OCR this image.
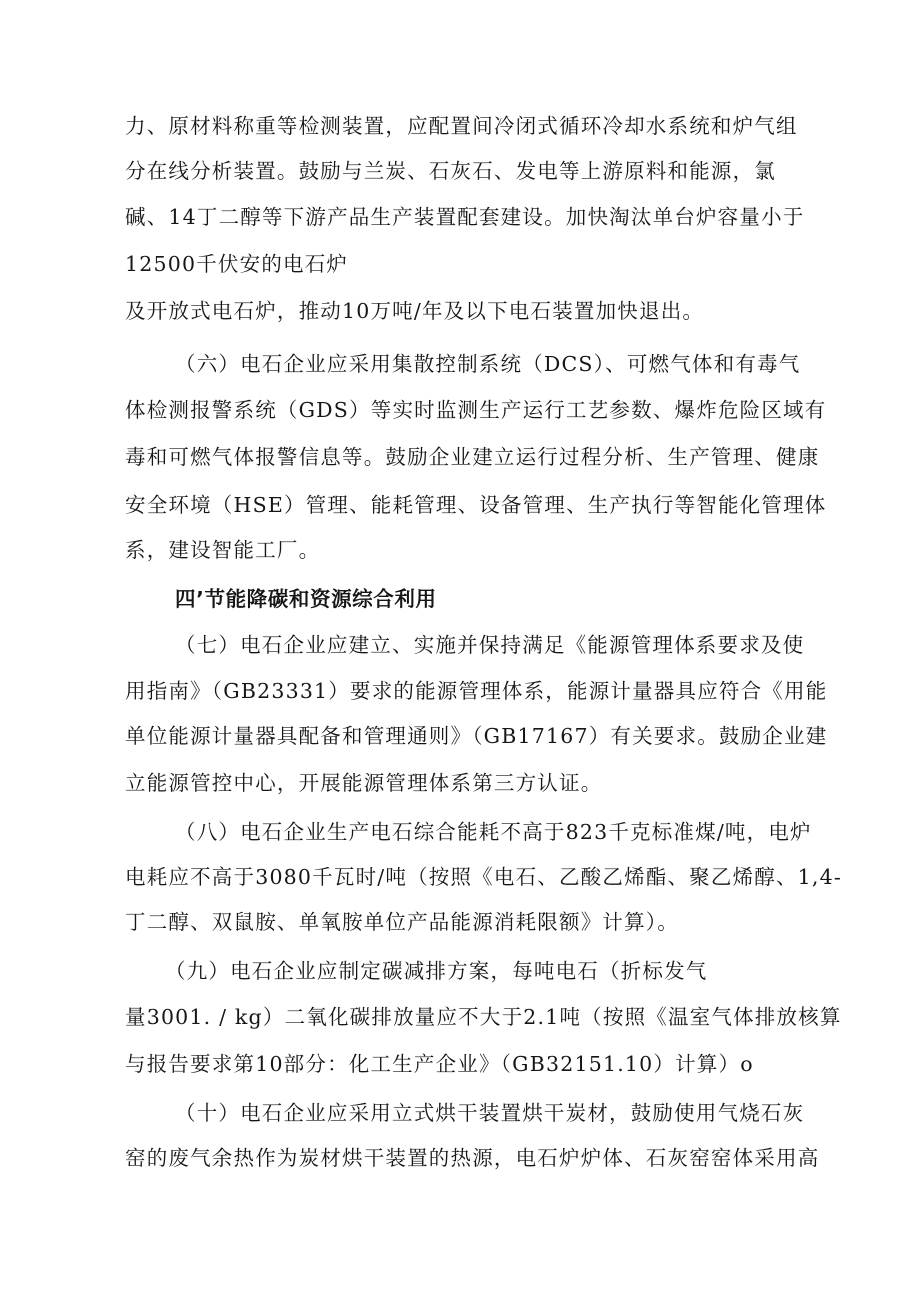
力、原材料称重等检测装置，应配置间冷闭式循环冷却水系统和炉气组
分在线分析装置。鼓励与兰炭、石灰石、发电等上游原料和能源，氯
碱、14丁二醇等下游产品生产装置配套建设。加快淘汰单台炉容量小于
12500千伏安的电石炉
及开放式电石炉，推动10万吨/年及以下电石装置加快退出。
（六）电石企业应采用集散控制系统（DCS）、可燃气体和有毒气
体检测报警系统（GDS）等实时监测生产运行工艺参数、爆炸危险区域有
毒和可燃气体报警信息等。鼓励企业建立运行过程分析、生产管理、健康
安全环境（HSE）管理、能耗管理、设备管理、生产执行等智能化管理体
系，建设智能工厂。
四’节能降碳和资源综合利用
（七）电石企业应建立、实施并保持满足《能源管理体系要求及使
用指南》（GB23331）要求的能源管理体系，能源计量器具应符合《用能
单位能源计量器具配备和管理通则》（GB17167）有关要求。鼓励企业建
立能源管控中心，开展能源管理体系第三方认证。
（八）电石企业生产电石综合能耗不高于823千克标准煤/吨，电炉
电耗应不高于3080千瓦时/吨（按照《电石、乙酸乙烯酯、聚乙烯醇、1,4-
丁二醇、双鼠胺、单氧胺单位产品能源消耗限额》计算）。
（九）电石企业应制定碳减排方案，每吨电石（折标发气
量3001. / kg）二氧化碳排放量应不大于2.1吨（按照《温室气体排放核算
与报告要求第10部分：化工生产企业》（GB32151.10）计算）o
（十）电石企业应采用立式烘干装置烘干炭材，鼓励使用气烧石灰
窑的废气余热作为炭材烘干装置的热源，电石炉炉体、石灰窑窑体采用高
